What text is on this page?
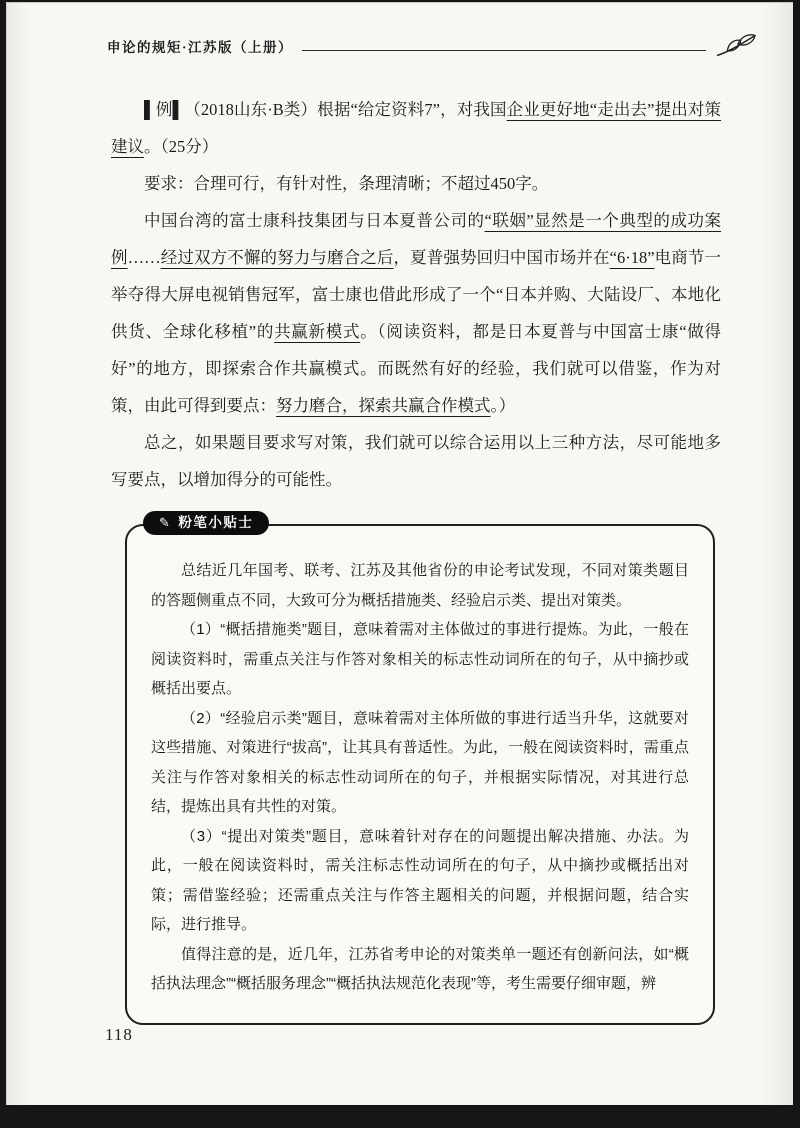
申论的规矩·江苏版（上册）

▌例▌（2018山东·B类）根据“给定资料7”，对我国企业更好地“走出去”提出对策建议。（25分）

要求：合理可行，有针对性，条理清晰；不超过450字。

中国台湾的富士康科技集团与日本夏普公司的“联姻”显然是一个典型的成功案例……经过双方不懈的努力与磨合之后，夏普强势回归中国市场并在“6·18”电商节一举夺得大屏电视销售冠军，富士康也借此形成了一个“日本并购、大陆设厂、本地化供货、全球化移植”的共赢新模式。（阅读资料，都是日本夏普与中国富士康“做得好”的地方，即探索合作共赢模式。而既然有好的经验，我们就可以借鉴，作为对策，由此可得到要点：努力磨合，探索共赢合作模式。）

总之，如果题目要求写对策，我们就可以综合运用以上三种方法，尽可能地多写要点，以增加得分的可能性。

✎ 粉笔小贴士

总结近几年国考、联考、江苏及其他省份的申论考试发现，不同对策类题目的答题侧重点不同，大致可分为概括措施类、经验启示类、提出对策类。

（1）“概括措施类”题目，意味着需对主体做过的事进行提炼。为此，一般在阅读资料时，需重点关注与作答对象相关的标志性动词所在的句子，从中摘抄或概括出要点。

（2）“经验启示类”题目，意味着需对主体所做的事进行适当升华，这就要对这些措施、对策进行“拔高”，让其具有普适性。为此，一般在阅读资料时，需重点关注与作答对象相关的标志性动词所在的句子，并根据实际情况，对其进行总结，提炼出具有共性的对策。

（3）“提出对策类”题目，意味着针对存在的问题提出解决措施、办法。为此，一般在阅读资料时，需关注标志性动词所在的句子，从中摘抄或概括出对策；需借鉴经验；还需重点关注与作答主题相关的问题，并根据问题，结合实际，进行推导。

值得注意的是，近几年，江苏省考申论的对策类单一题还有创新问法，如“概括执法理念”“概括服务理念”“概括执法规范化表现”等，考生需要仔细审题，辨

118
